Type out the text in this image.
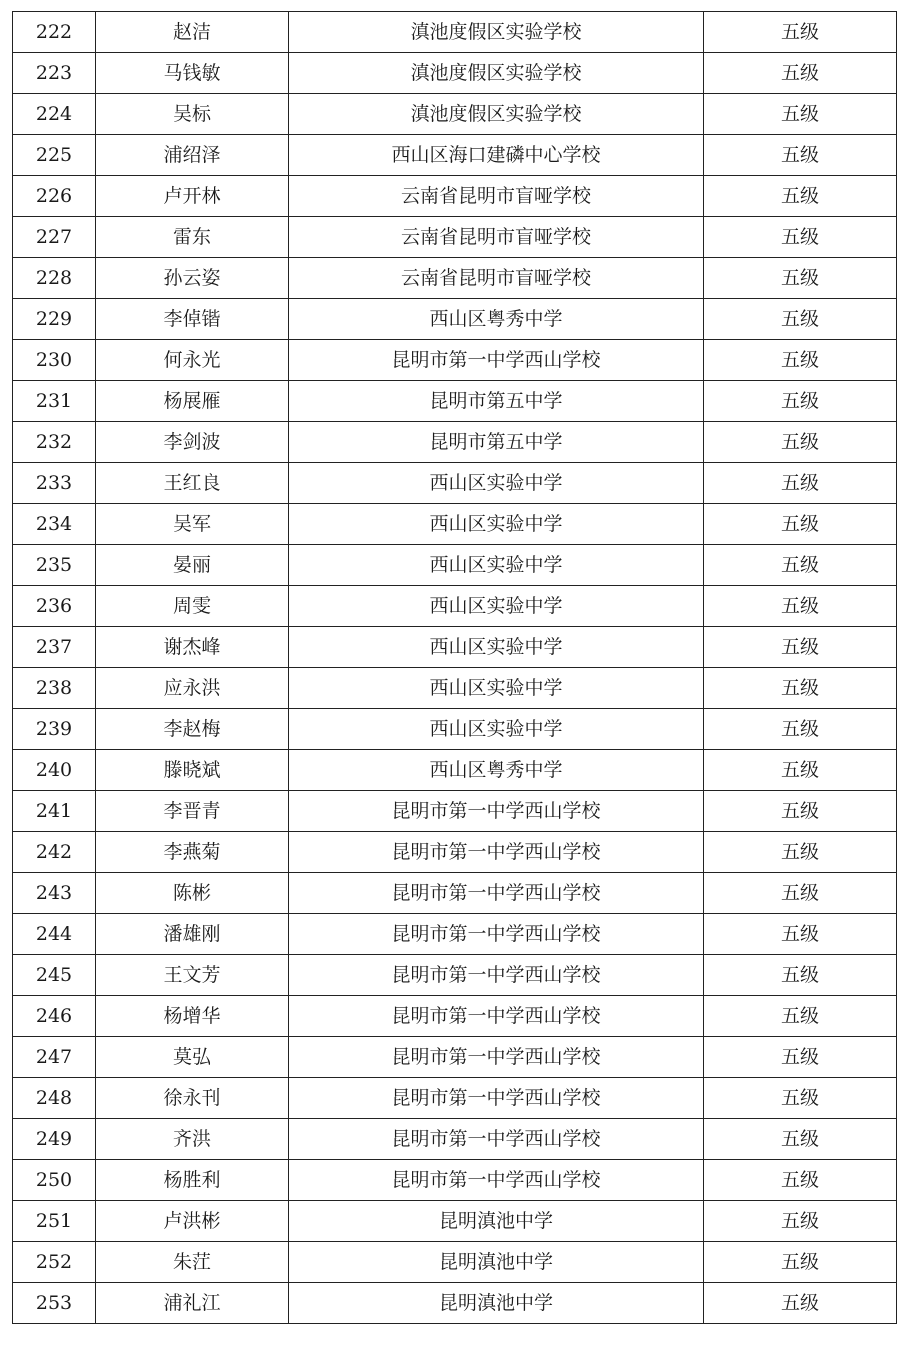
222	赵洁	滇池度假区实验学校	五级
223	马钱敏	滇池度假区实验学校	五级
224	吴标	滇池度假区实验学校	五级
225	浦绍泽	西山区海口建磷中心学校	五级
226	卢开林	云南省昆明市盲哑学校	五级
227	雷东	云南省昆明市盲哑学校	五级
228	孙云姿	云南省昆明市盲哑学校	五级
229	李倬锴	西山区粤秀中学	五级
230	何永光	昆明市第一中学西山学校	五级
231	杨展雁	昆明市第五中学	五级
232	李剑波	昆明市第五中学	五级
233	王红良	西山区实验中学	五级
234	吴军	西山区实验中学	五级
235	晏丽	西山区实验中学	五级
236	周雯	西山区实验中学	五级
237	谢杰峰	西山区实验中学	五级
238	应永洪	西山区实验中学	五级
239	李赵梅	西山区实验中学	五级
240	滕晓斌	西山区粤秀中学	五级
241	李晋青	昆明市第一中学西山学校	五级
242	李燕菊	昆明市第一中学西山学校	五级
243	陈彬	昆明市第一中学西山学校	五级
244	潘雄刚	昆明市第一中学西山学校	五级
245	王文芳	昆明市第一中学西山学校	五级
246	杨增华	昆明市第一中学西山学校	五级
247	莫弘	昆明市第一中学西山学校	五级
248	徐永刊	昆明市第一中学西山学校	五级
249	齐洪	昆明市第一中学西山学校	五级
250	杨胜利	昆明市第一中学西山学校	五级
251	卢洪彬	昆明滇池中学	五级
252	朱茳	昆明滇池中学	五级
253	浦礼江	昆明滇池中学	五级
